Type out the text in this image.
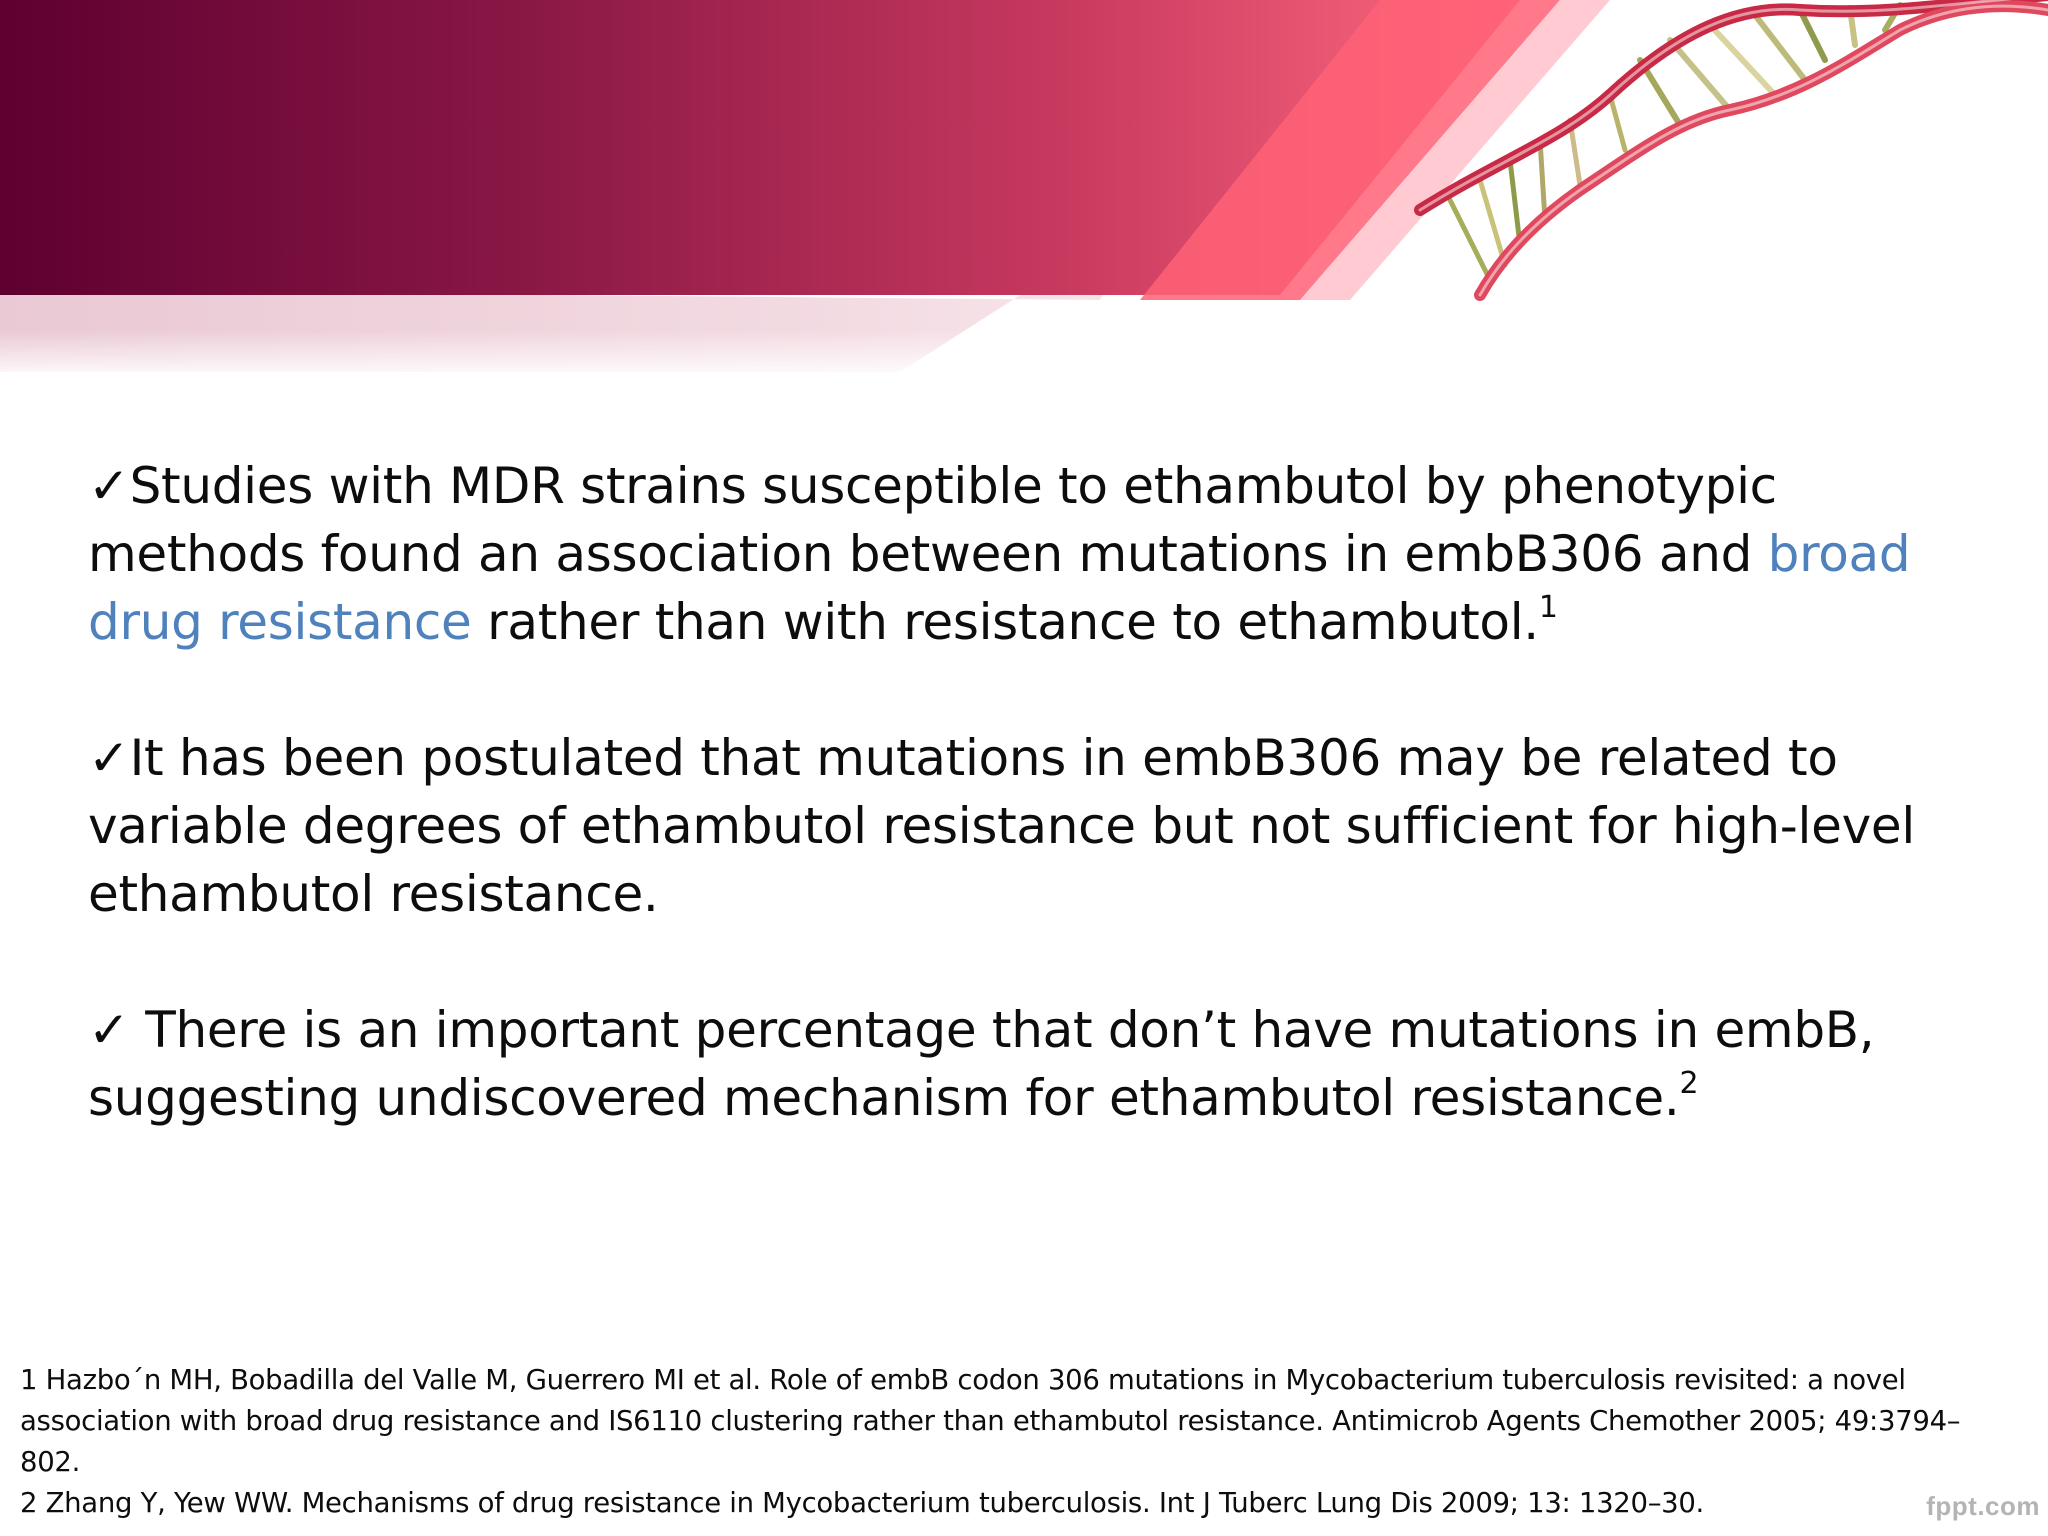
✓Studies with MDR strains susceptible to ethambutol by phenotypic methods found an association between mutations in embB306 and broad drug resistance rather than with resistance to ethambutol.$^1$

✓It has been postulated that mutations in embB306 may be related to variable degrees of ethambutol resistance but not sufficient for high-level ethambutol resistance.

✓ There is an important percentage that don’t have mutations in embB, suggesting undiscovered mechanism for ethambutol resistance.$^2$

1 Hazbo´n MH, Bobadilla del Valle M, Guerrero MI et al. Role of embB codon 306 mutations in Mycobacterium tuberculosis revisited: a novel association with broad drug resistance and IS6110 clustering rather than ethambutol resistance. Antimicrob Agents Chemother 2005; 49:3794–802.

2 Zhang Y, Yew WW. Mechanisms of drug resistance in Mycobacterium tuberculosis. Int J Tuberc Lung Dis 2009; 13: 1320–30.	fppt.com
